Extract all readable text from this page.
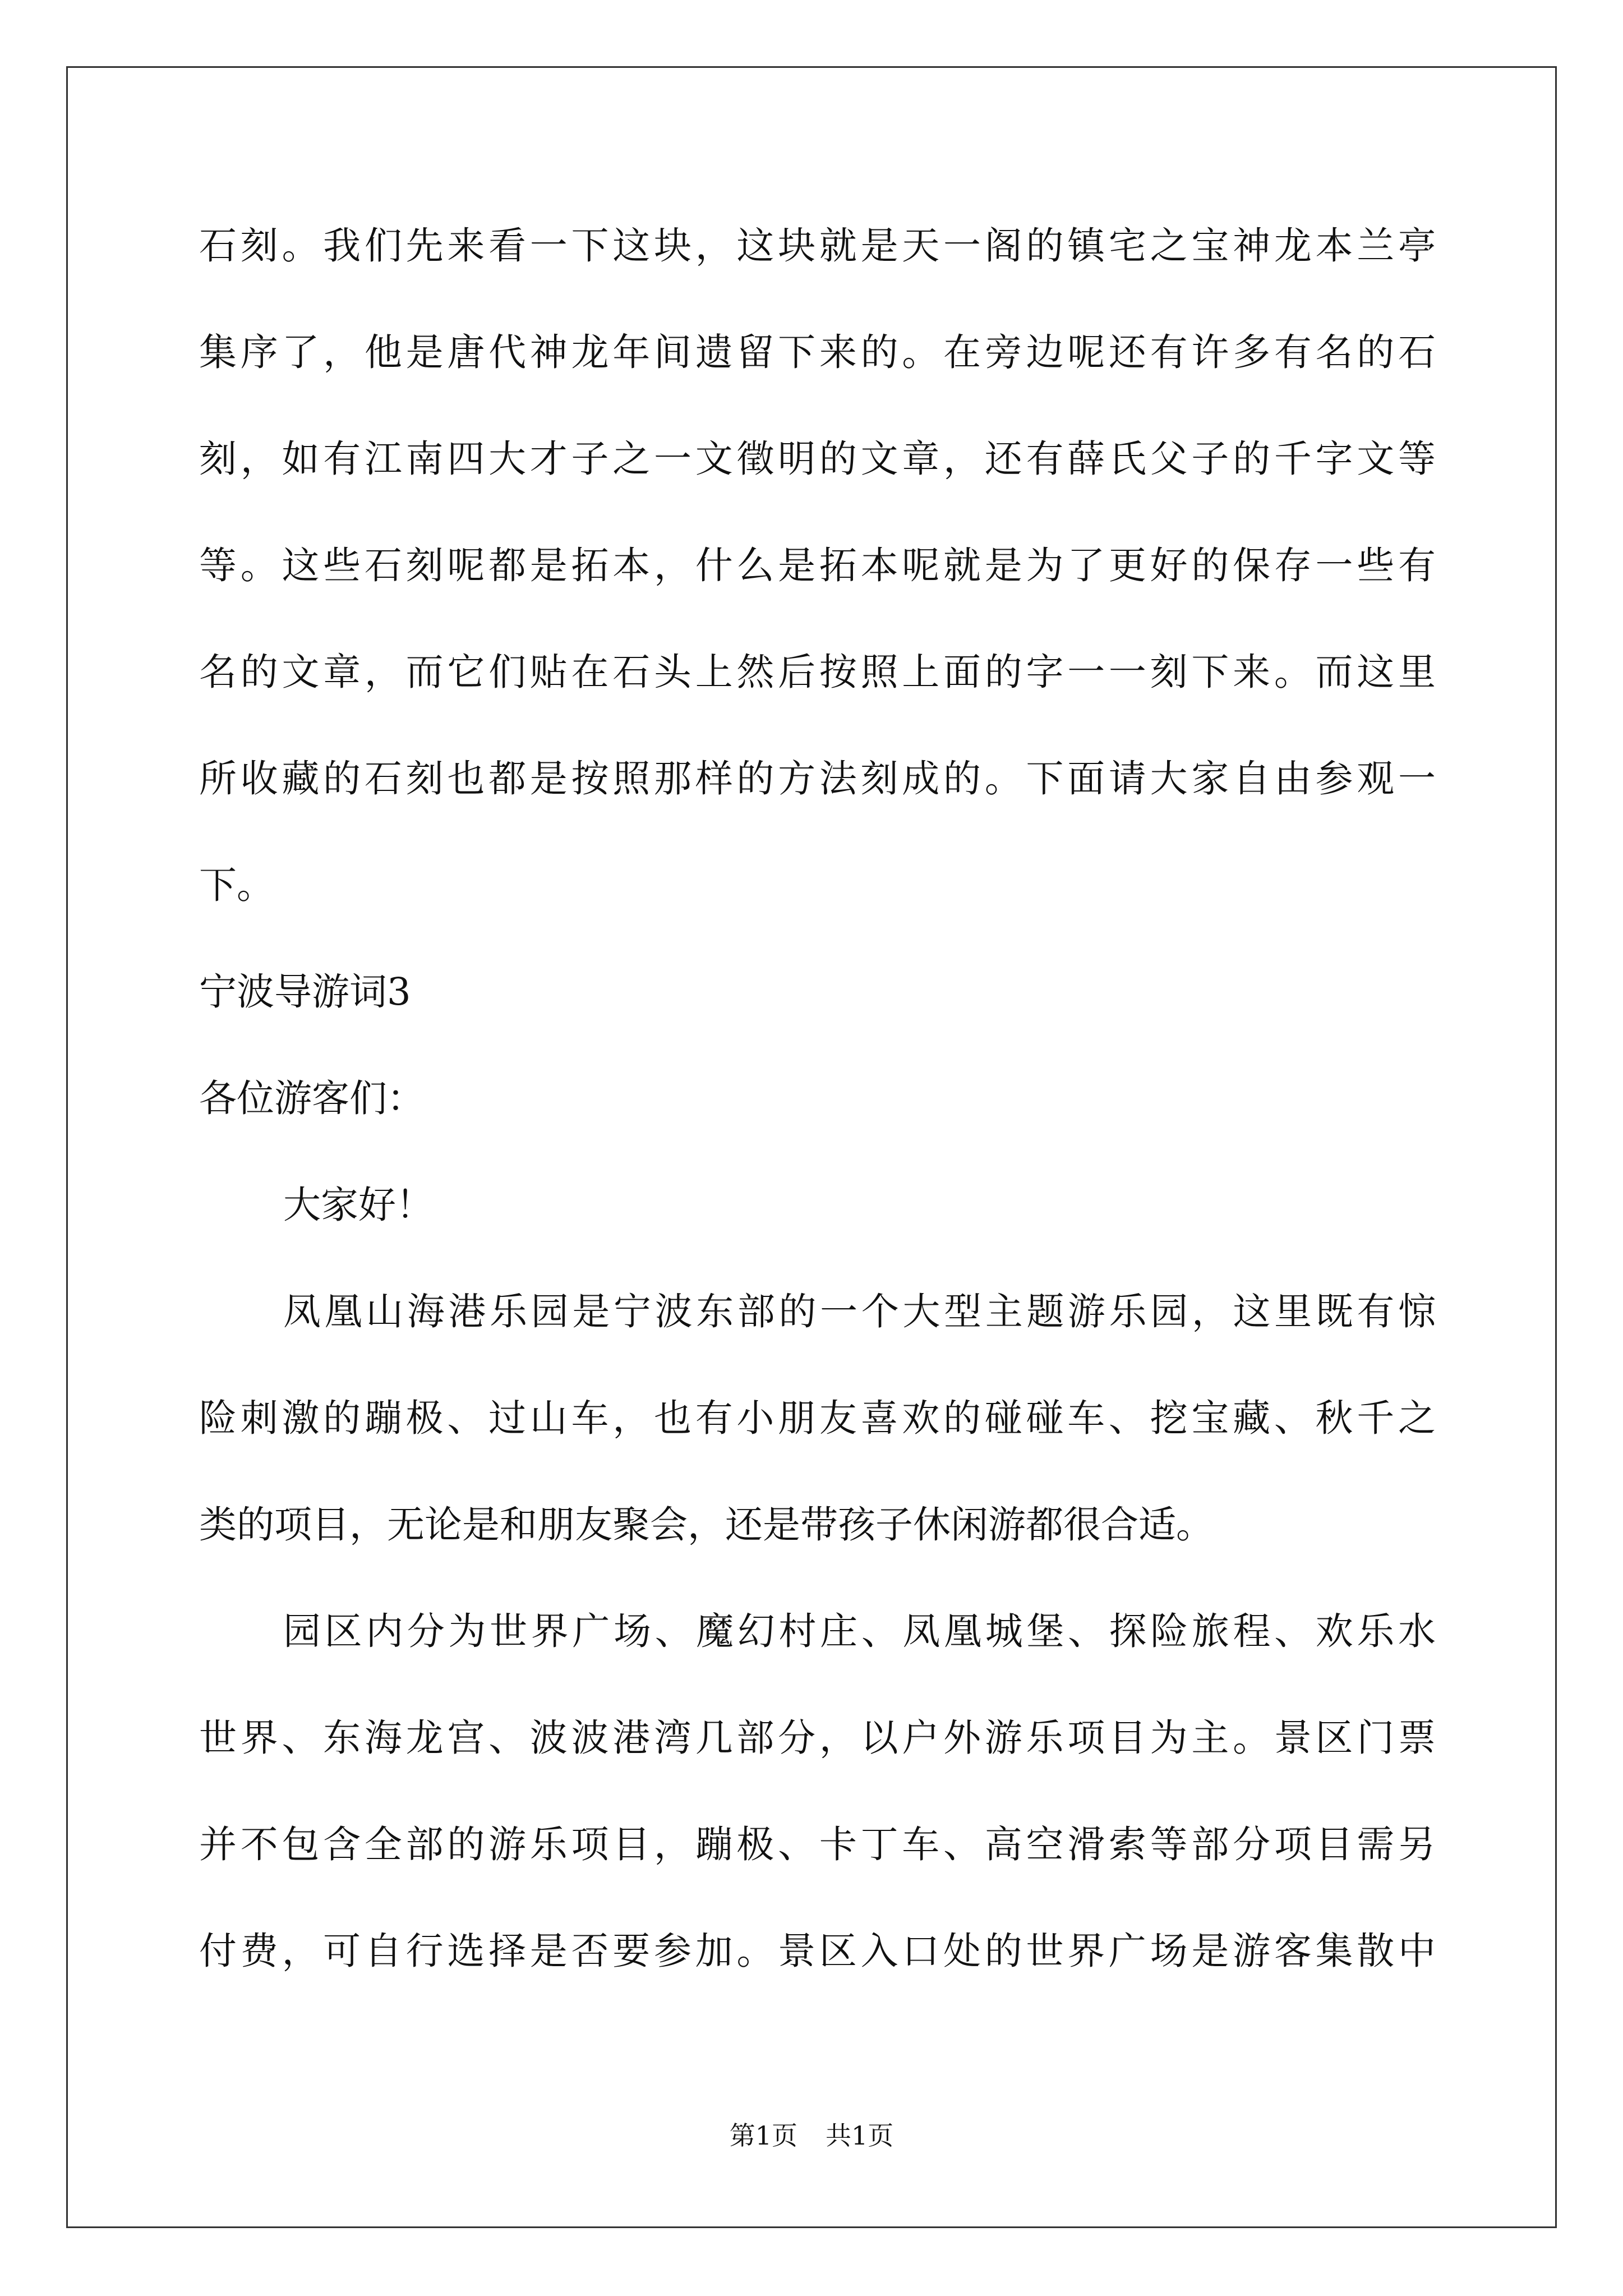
石刻。我们先来看一下这块，这块就是天一阁的镇宅之宝神龙本兰亭
集序了，他是唐代神龙年间遗留下来的。在旁边呢还有许多有名的石
刻，如有江南四大才子之一文徵明的文章，还有薛氏父子的千字文等
等。这些石刻呢都是拓本，什么是拓本呢就是为了更好的保存一些有
名的文章，而它们贴在石头上然后按照上面的字一一刻下来。而这里
所收藏的石刻也都是按照那样的方法刻成的。下面请大家自由参观一
下。
宁波导游词3
各位游客们：
大家好！
凤凰山海港乐园是宁波东部的一个大型主题游乐园，这里既有惊
险刺激的蹦极、过山车，也有小朋友喜欢的碰碰车、挖宝藏、秋千之
类的项目，无论是和朋友聚会，还是带孩子休闲游都很合适。
园区内分为世界广场、魔幻村庄、凤凰城堡、探险旅程、欢乐水
世界、东海龙宫、波波港湾几部分，以户外游乐项目为主。景区门票
并不包含全部的游乐项目，蹦极、卡丁车、高空滑索等部分项目需另
付费，可自行选择是否要参加。景区入口处的世界广场是游客集散中
第1页 共1页
